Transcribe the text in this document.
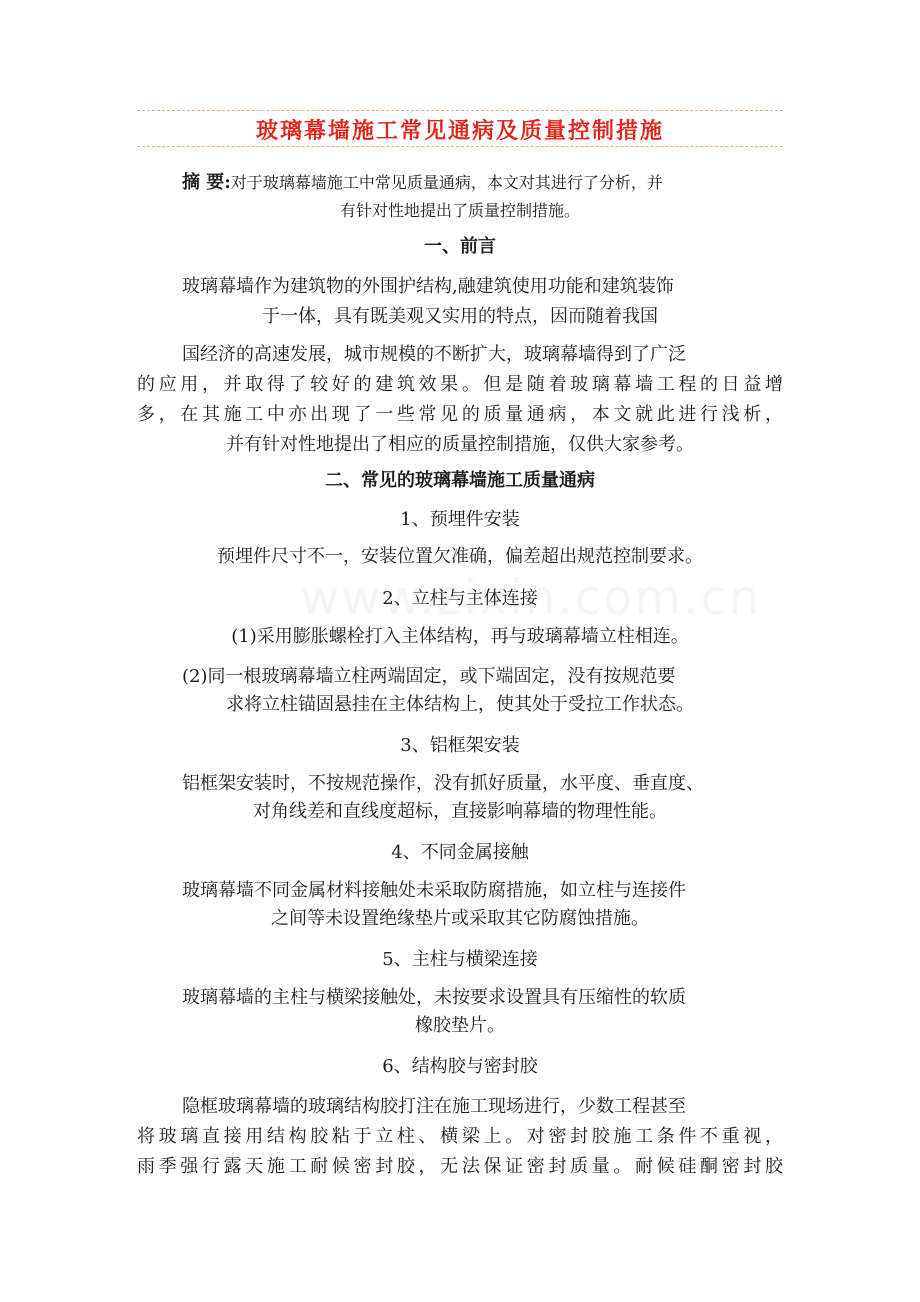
玻璃幕墙施工常见通病及质量控制措施
摘 要:对于玻璃幕墙施工中常见质量通病，本文对其进行了分析，并
有针对性地提出了质量控制措施。
一、前言
玻璃幕墙作为建筑物的外围护结构,融建筑使用功能和建筑装饰
于一体，具有既美观又实用的特点，因而随着我国
国经济的高速发展，城市规模的不断扩大，玻璃幕墙得到了广泛
的应用，并取得了较好的建筑效果。但是随着玻璃幕墙工程的日益增
多，在其施工中亦出现了一些常见的质量通病，本文就此进行浅析，
并有针对性地提出了相应的质量控制措施，仅供大家参考。
二、常见的玻璃幕墙施工质量通病
1、预埋件安装
预埋件尺寸不一，安装位置欠准确，偏差超出规范控制要求。
2、立柱与主体连接
(1)采用膨胀螺栓打入主体结构，再与玻璃幕墙立柱相连。
(2)同一根玻璃幕墙立柱两端固定，或下端固定，没有按规范要
求将立柱锚固悬挂在主体结构上，使其处于受拉工作状态。
3、铝框架安装
铝框架安装时，不按规范操作，没有抓好质量，水平度、垂直度、
对角线差和直线度超标，直接影响幕墙的物理性能。
4、不同金属接触
玻璃幕墙不同金属材料接触处未采取防腐措施，如立柱与连接件
之间等未设置绝缘垫片或采取其它防腐蚀措施。
5、主柱与横梁连接
玻璃幕墙的主柱与横梁接触处，未按要求设置具有压缩性的软质
橡胶垫片。
6、结构胶与密封胶
隐框玻璃幕墙的玻璃结构胶打注在施工现场进行，少数工程甚至
将玻璃直接用结构胶粘于立柱、横梁上。对密封胶施工条件不重视，
雨季强行露天施工耐候密封胶，无法保证密封质量。耐候硅酮密封胶
